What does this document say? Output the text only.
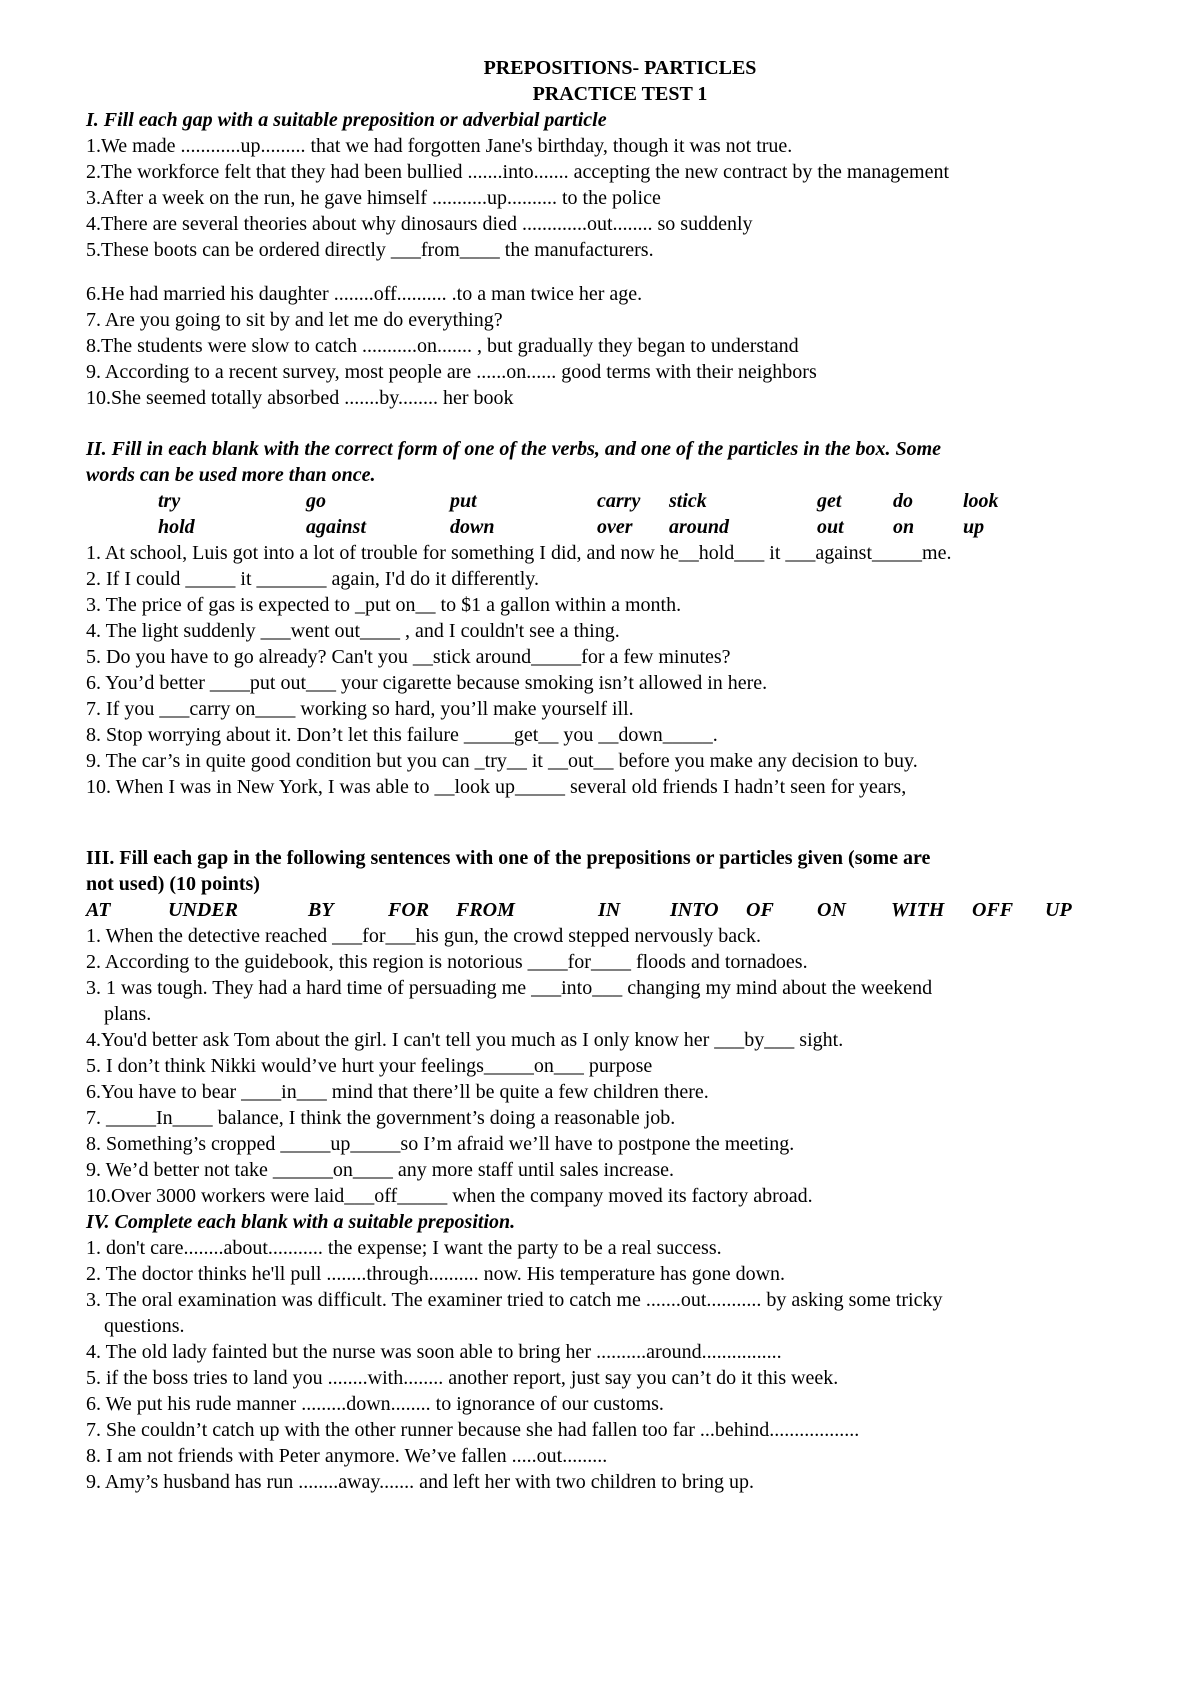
PREPOSITIONS- PARTICLES
PRACTICE TEST 1
I. Fill each gap with a suitable preposition or adverbial particle
1.We made ............up......... that we had forgotten Jane's birthday, though it was not true.
2.The workforce felt that they had been bullied .......into....... accepting the new contract by the management
3.After a week on the run, he gave himself ...........up.......... to the police
4.There are several theories about why dinosaurs died .............out........ so suddenly
5.These boots can be ordered directly ___from____ the manufacturers.
6.He had married his daughter ........off.......... .to a man twice her age.
7. Are you going to sit by and let me do everything?
8.The students were slow to catch ...........on....... , but gradually they began to understand
9. According to a recent survey, most people are ......on...... good terms with their neighbors
10.She seemed totally absorbed .......by........ her book
II. Fill in each blank with the correct form of one of the verbs, and one of the particles in the box. Some
words can be used more than once.
try	go	put	carry stick	get	do	look
hold	against	down	over around	out on up
1. At school, Luis got into a lot of trouble for something I did, and now he__hold___ it ___against_____me.
2. If I could _____ it _______ again, I'd do it differently.
3. The price of gas is expected to _put on__ to $1 a gallon within a month.
4. The light suddenly ___went out____ , and I couldn't see a thing.
5. Do you have to go already? Can't you __stick around_____for a few minutes?
6. You’d better ____put out___ your cigarette because smoking isn’t allowed in here.
7. If you ___carry on____ working so hard, you’ll make yourself ill.
8. Stop worrying about it. Don’t let this failure _____get__ you __down_____.
9. The car’s in quite good condition but you can _try__ it __out__ before you make any decision to buy.
10. When I was in New York, I was able to __look up_____ several old friends I hadn’t seen for years,
III. Fill each gap in the following sentences with one of the prepositions or particles given (some are
not used) (10 points)
AT	UNDER	BY	FOR FROM	IN INTO OF ON WITH OFF UP
1. When the detective reached ___for___his gun, the crowd stepped nervously back.
2. According to the guidebook, this region is notorious ____for____ floods and tornadoes.
3. 1 was tough. They had a hard time of persuading me ___into___ changing my mind about the weekend
plans.
4.You'd better ask Tom about the girl. I can't tell you much as I only know her ___by___ sight.
5. I don’t think Nikki would’ve hurt your feelings_____on___ purpose
6.You have to bear ____in___ mind that there’ll be quite a few children there.
7. _____In____ balance, I think the government’s doing a reasonable job.
8. Something’s cropped _____up_____so I’m afraid we’ll have to postpone the meeting.
9. We’d better not take ______on____ any more staff until sales increase.
10.Over 3000 workers were laid___off_____ when the company moved its factory abroad.
IV. Complete each blank with a suitable preposition.
1. don't care........about........... the expense; I want the party to be a real success.
2. The doctor thinks he'll pull ........through.......... now. His temperature has gone down.
3. The oral examination was difficult. The examiner tried to catch me .......out........... by asking some tricky
questions.
4. The old lady fainted but the nurse was soon able to bring her ..........around................
5. if the boss tries to land you ........with........ another report, just say you can’t do it this week.
6. We put his rude manner .........down........ to ignorance of our customs.
7. She couldn’t catch up with the other runner because she had fallen too far ...behind..................
8. I am not friends with Peter anymore. We’ve fallen .....out.........
9. Amy’s husband has run ........away....... and left her with two children to bring up.
